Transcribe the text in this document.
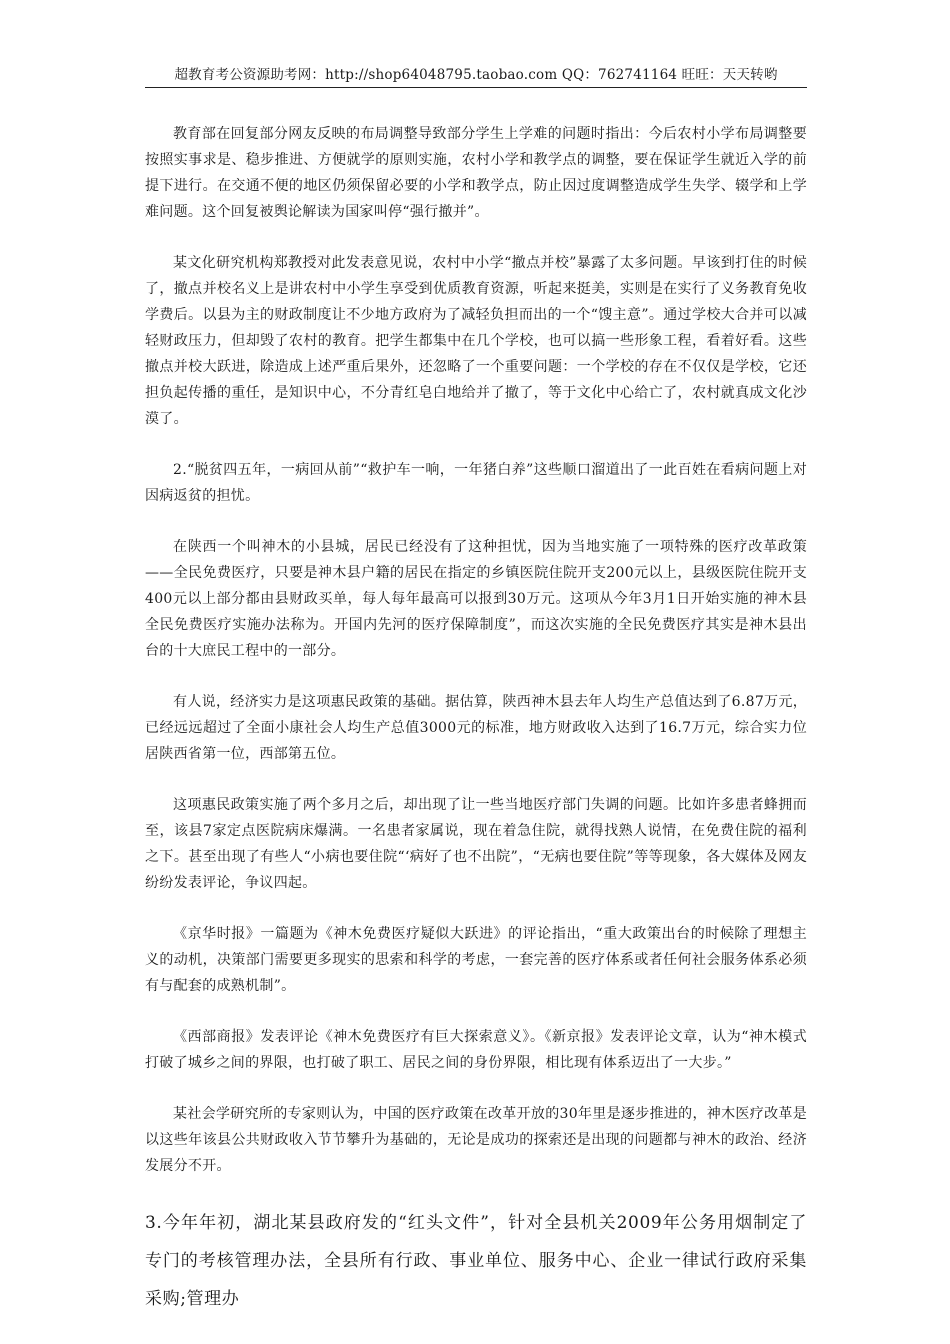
超教育考公资源助考网：http://shop64048795.taobao.com QQ：762741164 旺旺：天天转哟

教育部在回复部分网友反映的布局调整导致部分学生上学难的问题时指出：今后农村小学布局调整要按照实事求是、稳步推进、方便就学的原则实施，农村小学和教学点的调整，要在保证学生就近入学的前提下进行。在交通不便的地区仍须保留必要的小学和教学点，防止因过度调整造成学生失学、辍学和上学难问题。这个回复被舆论解读为国家叫停“强行撤并”。

某文化研究机构郑教授对此发表意见说，农村中小学“撤点并校”暴露了太多问题。早该到打住的时候了，撤点并校名义上是讲农村中小学生享受到优质教育资源，听起来挺美，实则是在实行了义务教育免收学费后。以县为主的财政制度让不少地方政府为了减轻负担而出的一个“馊主意”。通过学校大合并可以减轻财政压力，但却毁了农村的教育。把学生都集中在几个学校，也可以搞一些形象工程，看着好看。这些撤点并校大跃进，除造成上述严重后果外，还忽略了一个重要问题：一个学校的存在不仅仅是学校，它还担负起传播的重任，是知识中心，不分青红皂白地给并了撤了，等于文化中心给亡了，农村就真成文化沙漠了。

2.“脱贫四五年，一病回从前”“救护车一响，一年猪白养”这些顺口溜道出了一此百姓在看病问题上对因病返贫的担忧。

在陕西一个叫神木的小县城，居民已经没有了这种担忧，因为当地实施了一项特殊的医疗改革政策——全民免费医疗，只要是神木县户籍的居民在指定的乡镇医院住院开支200元以上，县级医院住院开支400元以上部分都由县财政买单，每人每年最高可以报到30万元。这项从今年3月1日开始实施的神木县全民免费医疗实施办法称为。开国内先河的医疗保障制度”，而这次实施的全民免费医疗其实是神木县出台的十大庶民工程中的一部分。

有人说，经济实力是这项惠民政策的基础。据估算，陕西神木县去年人均生产总值达到了6.87万元，已经远远超过了全面小康社会人均生产总值3000元的标准，地方财政收入达到了16.7万元，综合实力位居陕西省第一位，西部第五位。

这项惠民政策实施了两个多月之后，却出现了让一些当地医疗部门失调的问题。比如许多患者蜂拥而至，该县7家定点医院病床爆满。一名患者家属说，现在着急住院，就得找熟人说情，在免费住院的福利之下。甚至出现了有些人“小病也要住院“‘病好了也不出院”，“无病也要住院”等等现象，各大媒体及网友纷纷发表评论，争议四起。

《京华时报》一篇题为《神木免费医疗疑似大跃进》的评论指出，“重大政策出台的时候除了理想主义的动机，决策部门需要更多现实的思索和科学的考虑，一套完善的医疗体系或者任何社会服务体系必须有与配套的成熟机制”。

《西部商报》发表评论《神木免费医疗有巨大探索意义》。《新京报》发表评论文章，认为“神木模式打破了城乡之间的界限，也打破了职工、居民之间的身份界限，相比现有体系迈出了一大步。”

某社会学研究所的专家则认为，中国的医疗政策在改革开放的30年里是逐步推进的，神木医疗改革是以这些年该县公共财政收入节节攀升为基础的，无论是成功的探索还是出现的问题都与神木的政治、经济发展分不开。

3.今年年初，湖北某县政府发的“红头文件”，针对全县机关2009年公务用烟制定了专门的考核管理办法，全县所有行政、事业单位、服务中心、企业一律试行政府采集采购;管理办
